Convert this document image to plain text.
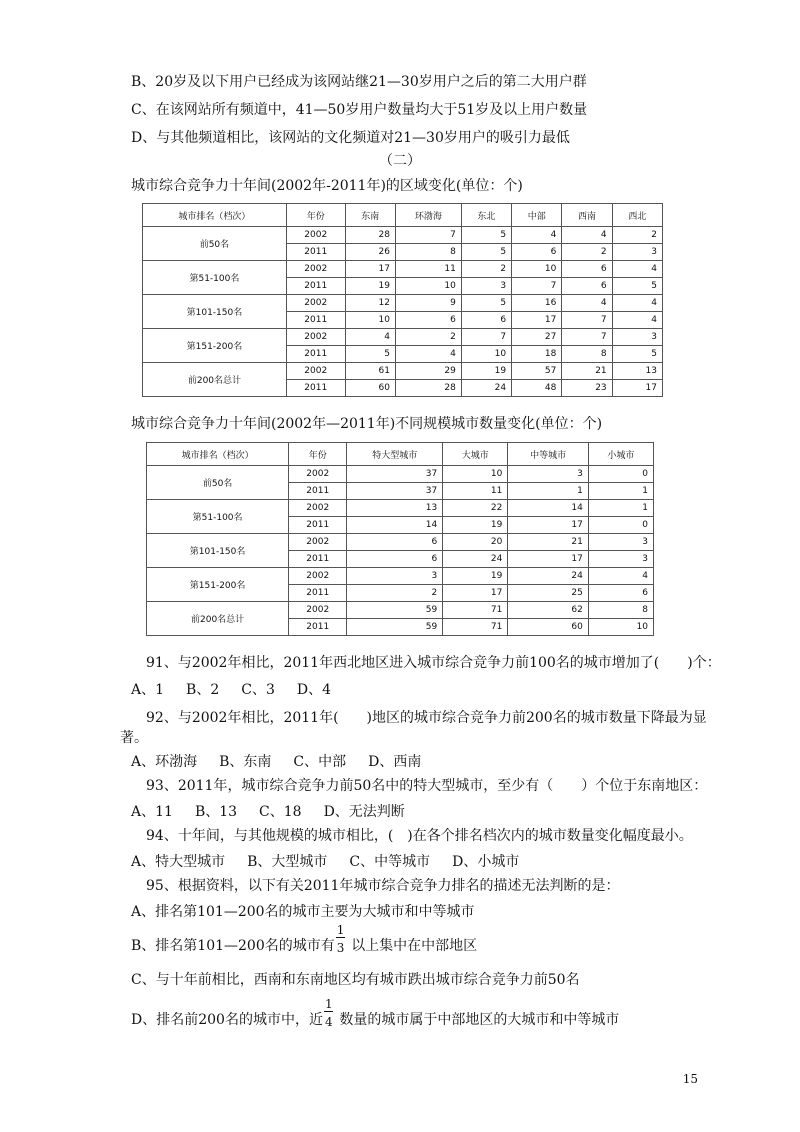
B、20岁及以下用户已经成为该网站继21—30岁用户之后的第二大用户群
C、在该网站所有频道中，41—50岁用户数量均大于51岁及以上用户数量
D、与其他频道相比，该网站的文化频道对21—30岁用户的吸引力最低
（二）
城市综合竞争力十年间(2002年-2011年)的区域变化(单位：个)
城市排名（档次）	年份	东南	环渤海	东北	中部	西南	西北
前50名	2002	28	7	5	4	4	2
	2011	26	8	5	6	2	3
第51-100名	2002	17	11	2	10	6	4
	2011	19	10	3	7	6	5
第101-150名	2002	12	9	5	16	4	4
	2011	10	6	6	17	7	4
第151-200名	2002	4	2	7	27	7	3
	2011	5	4	10	18	8	5
前200名总计	2002	61	29	19	57	21	13
	2011	60	28	24	48	23	17
城市综合竞争力十年间(2002年—2011年)不同规模城市数量变化(单位：个)
城市排名（档次）	年份	特大型城市	大城市	中等城市	小城市
前50名	2002	37	10	3	0
	2011	37	11	1	1
第51-100名	2002	13	22	14	1
	2011	14	19	17	0
第101-150名	2002	6	20	21	3
	2011	6	24	17	3
第151-200名	2002	3	19	24	4
	2011	2	17	25	6
前200名总计	2002	59	71	62	8
	2011	59	71	60	10
91、与2002年相比，2011年西北地区进入城市综合竞争力前100名的城市增加了(　　)个：
A、1 B、2 C、3 D、4
92、与2002年相比，2011年(　　)地区的城市综合竞争力前200名的城市数量下降最为显
著。
A、环渤海 B、东南 C、中部 D、西南
93、2011年，城市综合竞争力前50名中的特大型城市，至少有（　　）个位于东南地区：
A、11 B、13 C、18 D、无法判断
94、十年间，与其他规模的城市相比，(　)在各个排名档次内的城市数量变化幅度最小。
A、特大型城市 B、大型城市 C、中等城市 D、小城市
95、根据资料，以下有关2011年城市综合竞争力排名的描述无法判断的是：
A、排名第101—200名的城市主要为大城市和中等城市
B、排名第101—200名的城市有 $\frac{1}{3}$ 以上集中在中部地区
C、与十年前相比，西南和东南地区均有城市跌出城市综合竞争力前50名
D、排名前200名的城市中，近 $\frac{1}{4}$ 数量的城市属于中部地区的大城市和中等城市
15
